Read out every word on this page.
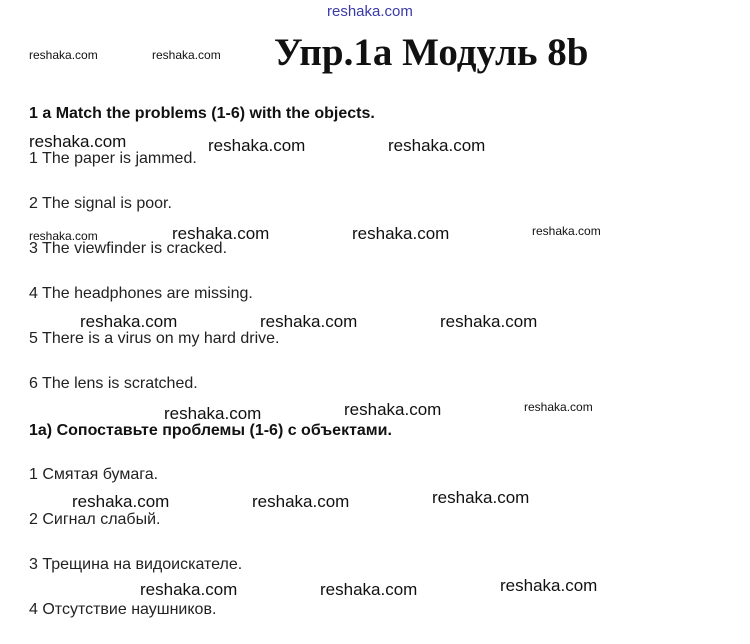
reshaka.com
Упр.1а Модуль 8b
reshaka.com	reshaka.com
1 a Match the problems (1-6) with the objects.
reshaka.com	reshaka.com	reshaka.com
1 The paper is jammed.
2 The signal is poor.
reshaka.com	reshaka.com	reshaka.com	reshaka.com
3 The viewfinder is cracked.
4 The headphones are missing.
reshaka.com	reshaka.com	reshaka.com
5 There is a virus on my hard drive.
6 The lens is scratched.
reshaka.com	reshaka.com	reshaka.com
1а) Сопоставьте проблемы (1-6) с объектами.
1 Смятая бумага.
reshaka.com	reshaka.com	reshaka.com
2 Сигнал слабый.
3 Трещина на видоискателе.
reshaka.com	reshaka.com	reshaka.com
4 Отсутствие наушников.
